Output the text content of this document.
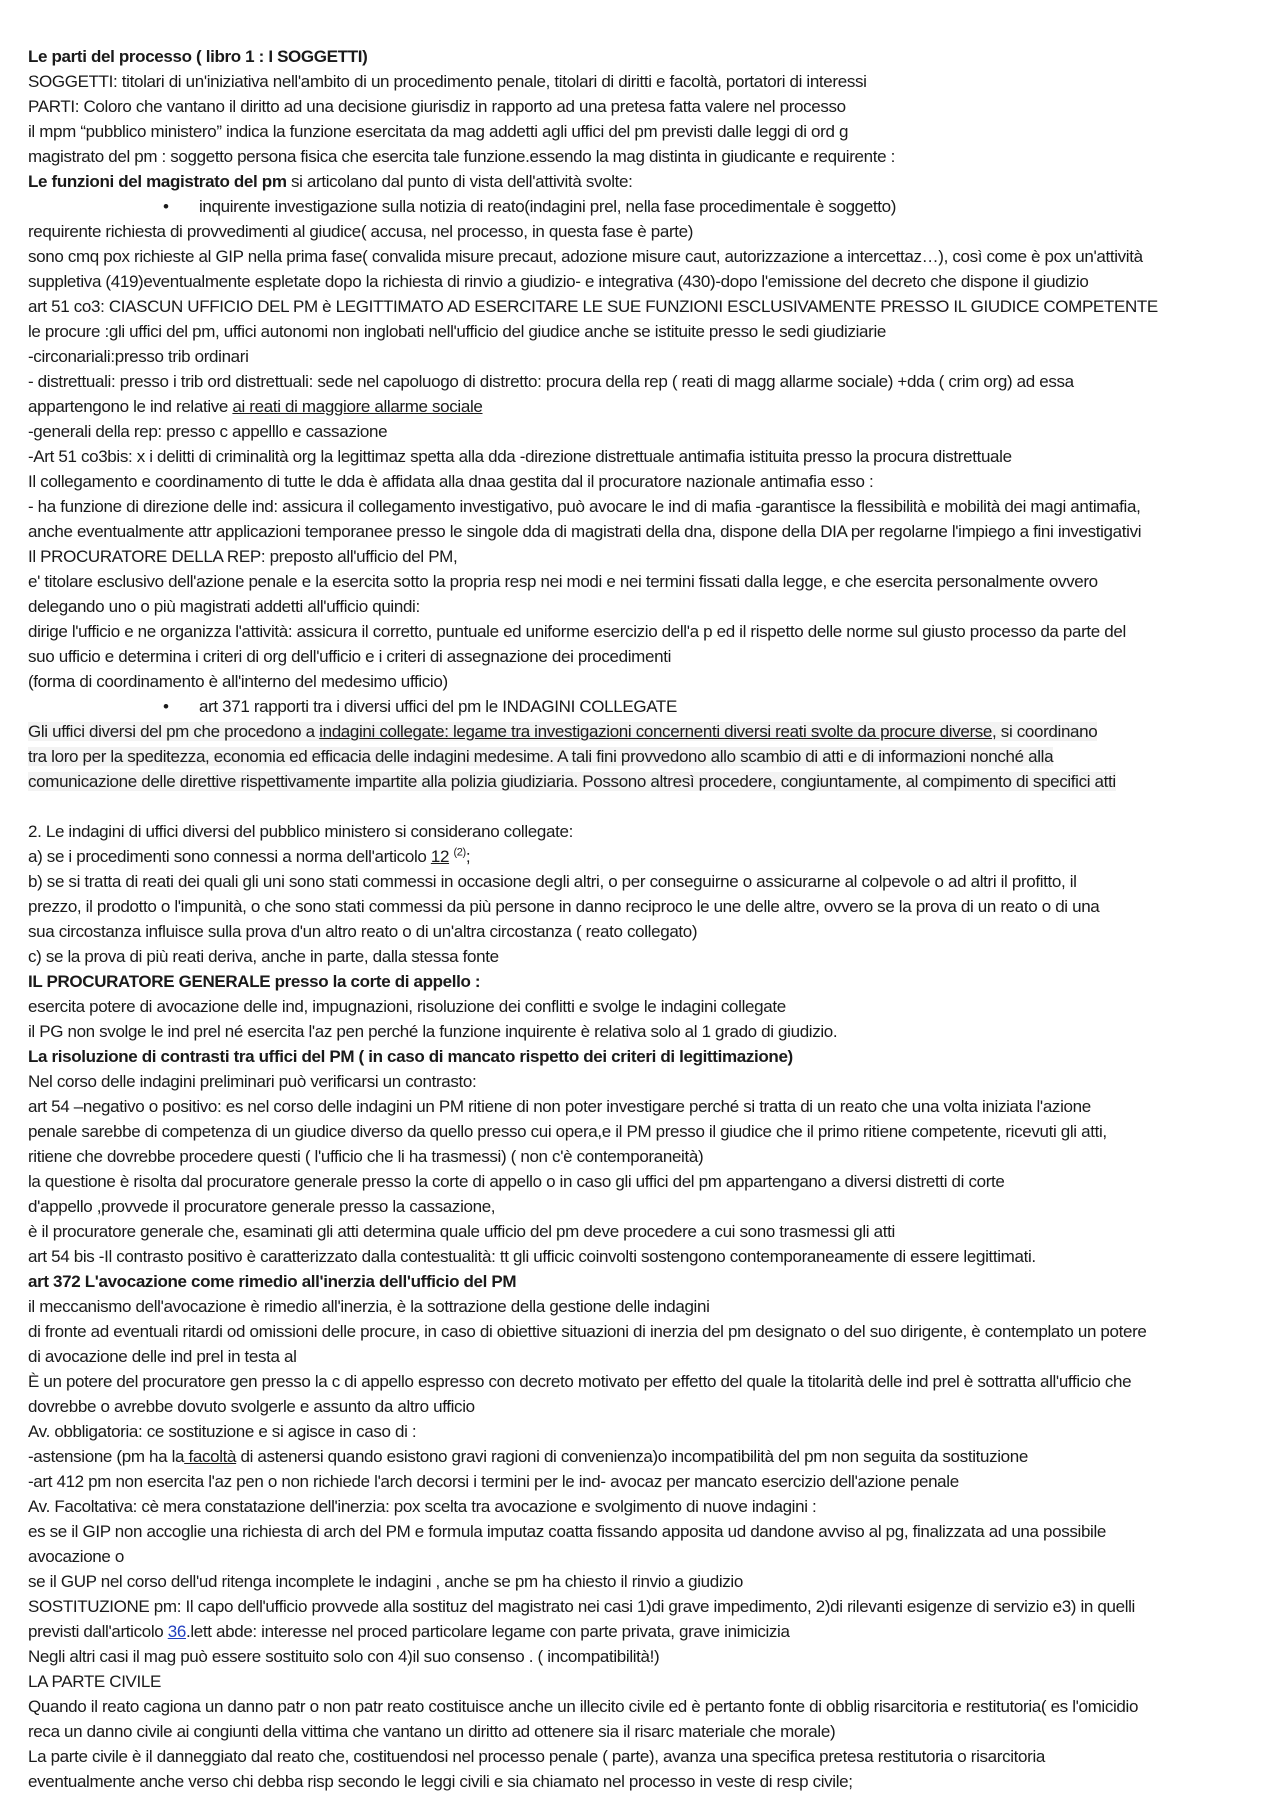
Le parti del processo ( libro 1 : I SOGGETTI)
SOGGETTI: titolari di un'iniziativa nell'ambito di un procedimento penale, titolari di diritti e facoltà, portatori di interessi
PARTI: Coloro che vantano il diritto ad una decisione giurisdiz in rapporto ad una pretesa fatta valere nel processo
il mpm “pubblico ministero” indica la funzione esercitata da mag addetti agli uffici del pm previsti dalle leggi di ord g
magistrato del pm : soggetto persona fisica che esercita tale funzione.essendo la mag distinta in giudicante e requirente :
Le funzioni del magistrato del pm si articolano dal punto di vista dell'attività svolte:
• inquirente investigazione sulla notizia di reato(indagini prel, nella fase procedimentale è soggetto)
requirente richiesta di provvedimenti al giudice( accusa, nel processo, in questa fase è parte)
sono cmq pox richieste al GIP nella prima fase( convalida misure precaut, adozione misure caut, autorizzazione a intercettaz…), così come è pox un'attività
suppletiva (419)eventualmente espletate dopo la richiesta di rinvio a giudizio- e integrativa (430)-dopo l'emissione del decreto che dispone il giudizio
art 51 co3: CIASCUN UFFICIO DEL PM è LEGITTIMATO AD ESERCITARE LE SUE FUNZIONI ESCLUSIVAMENTE PRESSO IL GIUDICE COMPETENTE
le procure :gli uffici del pm, uffici autonomi non inglobati nell'ufficio del giudice anche se istituite presso le sedi giudiziarie
-circonariali:presso trib ordinari
- distrettuali: presso i trib ord distrettuali: sede nel capoluogo di distretto: procura della rep ( reati di magg allarme sociale) +dda ( crim org) ad essa
appartengono le ind relative ai reati di maggiore allarme sociale
-generali della rep: presso c appelllo e cassazione
-Art 51 co3bis: x i delitti di criminalità org la legittimaz spetta alla dda -direzione distrettuale antimafia istituita presso la procura distrettuale
Il collegamento e coordinamento di tutte le dda è affidata alla dnaa gestita dal il procuratore nazionale antimafia esso :
- ha funzione di direzione delle ind: assicura il collegamento investigativo, può avocare le ind di mafia -garantisce la flessibilità e mobilità dei magi antimafia,
anche eventualmente attr applicazioni temporanee presso le singole dda di magistrati della dna, dispone della DIA per regolarne l'impiego a fini investigativi
Il PROCURATORE DELLA REP: preposto all'ufficio del PM,
e' titolare esclusivo dell'azione penale e la esercita sotto la propria resp nei modi e nei termini fissati dalla legge, e che esercita personalmente ovvero
delegando uno o più magistrati addetti all'ufficio quindi:
dirige l'ufficio e ne organizza l'attività: assicura il corretto, puntuale ed uniforme esercizio dell'a p ed il rispetto delle norme sul giusto processo da parte del
suo ufficio e determina i criteri di org dell'ufficio e i criteri di assegnazione dei procedimenti
(forma di coordinamento è all'interno del medesimo ufficio)
• art 371 rapporti tra i diversi uffici del pm le INDAGINI COLLEGATE
Gli uffici diversi del pm che procedono a indagini collegate: legame tra investigazioni concernenti diversi reati svolte da procure diverse, si coordinano
tra loro per la speditezza, economia ed efficacia delle indagini medesime. A tali fini provvedono allo scambio di atti e di informazioni nonché alla
comunicazione delle direttive rispettivamente impartite alla polizia giudiziaria. Possono altresì procedere, congiuntamente, al compimento di specifici atti
2. Le indagini di uffici diversi del pubblico ministero si considerano collegate:
a) se i procedimenti sono connessi a norma dell'articolo 12 $^{(2)}$;
b) se si tratta di reati dei quali gli uni sono stati commessi in occasione degli altri, o per conseguirne o assicurarne al colpevole o ad altri il profitto, il
prezzo, il prodotto o l'impunità, o che sono stati commessi da più persone in danno reciproco le une delle altre, ovvero se la prova di un reato o di una
sua circostanza influisce sulla prova d'un altro reato o di un'altra circostanza ( reato collegato)
c) se la prova di più reati deriva, anche in parte, dalla stessa fonte
IL PROCURATORE GENERALE presso la corte di appello :
esercita potere di avocazione delle ind, impugnazioni, risoluzione dei conflitti e svolge le indagini collegate
il PG non svolge le ind prel né esercita l'az pen perché la funzione inquirente è relativa solo al 1 grado di giudizio.
La risoluzione di contrasti tra uffici del PM ( in caso di mancato rispetto dei criteri di legittimazione)
Nel corso delle indagini preliminari può verificarsi un contrasto:
art 54 –negativo o positivo: es nel corso delle indagini un PM ritiene di non poter investigare perché si tratta di un reato che una volta iniziata l'azione
penale sarebbe di competenza di un giudice diverso da quello presso cui opera,e il PM presso il giudice che il primo ritiene competente, ricevuti gli atti,
ritiene che dovrebbe procedere questi ( l'ufficio che li ha trasmessi) ( non c'è contemporaneità)
la questione è risolta dal procuratore generale presso la corte di appello o in caso gli uffici del pm appartengano a diversi distretti di corte
d'appello ,provvede il procuratore generale presso la cassazione,
è il procuratore generale che, esaminati gli atti determina quale ufficio del pm deve procedere a cui sono trasmessi gli atti
art 54 bis -Il contrasto positivo è caratterizzato dalla contestualità: tt gli ufficic coinvolti sostengono contemporaneamente di essere legittimati.
art 372 L'avocazione come rimedio all'inerzia dell'ufficio del PM
il meccanismo dell'avocazione è rimedio all'inerzia, è la sottrazione della gestione delle indagini
di fronte ad eventuali ritardi od omissioni delle procure, in caso di obiettive situazioni di inerzia del pm designato o del suo dirigente, è contemplato un potere
di avocazione delle ind prel in testa al
È un potere del procuratore gen presso la c di appello espresso con decreto motivato per effetto del quale la titolarità delle ind prel è sottratta all'ufficio che
dovrebbe o avrebbe dovuto svolgerle e assunto da altro ufficio
Av. obbligatoria: ce sostituzione e si agisce in caso di :
-astensione (pm ha la facoltà di astenersi quando esistono gravi ragioni di convenienza)o incompatibilità del pm non seguita da sostituzione
-art 412 pm non esercita l'az pen o non richiede l'arch decorsi i termini per le ind- avocaz per mancato esercizio dell'azione penale
Av. Facoltativa: cè mera constatazione dell'inerzia: pox scelta tra avocazione e svolgimento di nuove indagini :
es se il GIP non accoglie una richiesta di arch del PM e formula imputaz coatta fissando apposita ud dandone avviso al pg, finalizzata ad una possibile
avocazione o
se il GUP nel corso dell'ud ritenga incomplete le indagini , anche se pm ha chiesto il rinvio a giudizio
SOSTITUZIONE pm: Il capo dell'ufficio provvede alla sostituz del magistrato nei casi 1)di grave impedimento, 2)di rilevanti esigenze di servizio e3) in quelli
previsti dall'articolo 36.lett abde: interesse nel proced particolare legame con parte privata, grave inimicizia
Negli altri casi il mag può essere sostituito solo con 4)il suo consenso . ( incompatibilità!)
LA PARTE CIVILE
Quando il reato cagiona un danno patr o non patr reato costituisce anche un illecito civile ed è pertanto fonte di obblig risarcitoria e restitutoria( es l'omicidio
reca un danno civile ai congiunti della vittima che vantano un diritto ad ottenere sia il risarc materiale che morale)
La parte civile è il danneggiato dal reato che, costituendosi nel processo penale ( parte), avanza una specifica pretesa restitutoria o risarcitoria
eventualmente anche verso chi debba risp secondo le leggi civili e sia chiamato nel processo in veste di resp civile;
